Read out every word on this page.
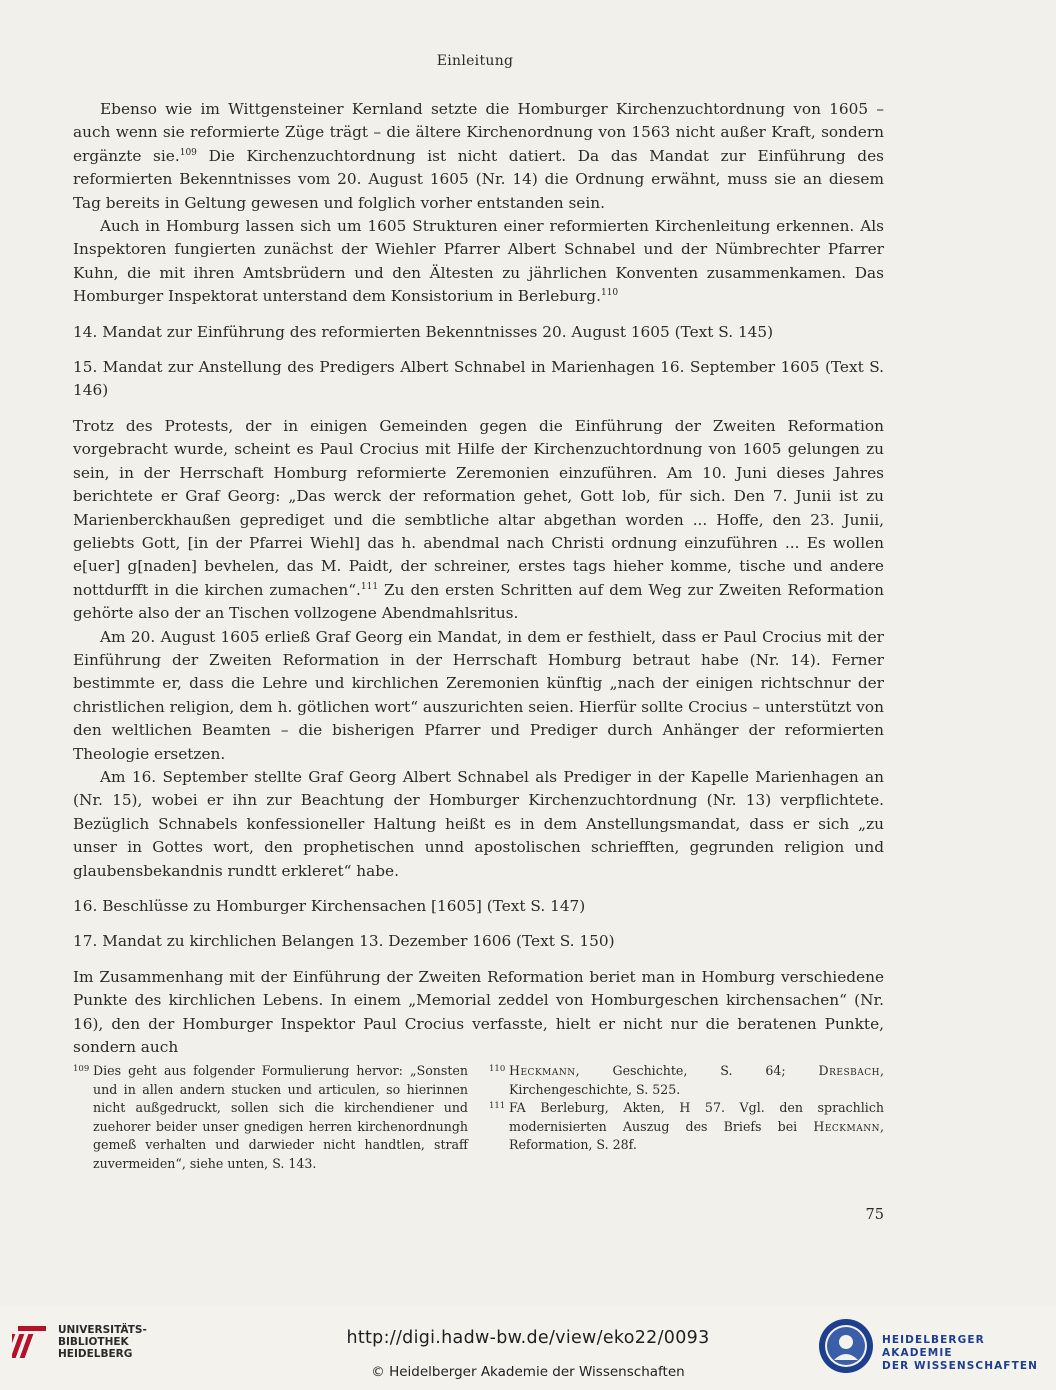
Einleitung

Ebenso wie im Wittgensteiner Kernland setzte die Homburger Kirchenzuchtordnung von 1605 – auch wenn sie reformierte Züge trägt – die ältere Kirchenordnung von 1563 nicht außer Kraft, sondern ergänzte sie.$^{109}$ Die Kirchenzuchtordnung ist nicht datiert. Da das Mandat zur Einführung des reformierten Bekenntnisses vom 20. August 1605 (Nr. 14) die Ordnung erwähnt, muss sie an diesem Tag bereits in Geltung gewesen und folglich vorher entstanden sein.

Auch in Homburg lassen sich um 1605 Strukturen einer reformierten Kirchenleitung erkennen. Als Inspektoren fungierten zunächst der Wiehler Pfarrer Albert Schnabel und der Nümbrechter Pfarrer Kuhn, die mit ihren Amtsbrüdern und den Ältesten zu jährlichen Konventen zusammenkamen. Das Homburger Inspektorat unterstand dem Konsistorium in Berleburg.$^{110}$

14. Mandat zur Einführung des reformierten Bekenntnisses 20. August 1605 (Text S. 145)

15. Mandat zur Anstellung des Predigers Albert Schnabel in Marienhagen 16. September 1605 (Text S. 146)

Trotz des Protests, der in einigen Gemeinden gegen die Einführung der Zweiten Reformation vorgebracht wurde, scheint es Paul Crocius mit Hilfe der Kirchenzuchtordnung von 1605 gelungen zu sein, in der Herrschaft Homburg reformierte Zeremonien einzuführen. Am 10. Juni dieses Jahres berichtete er Graf Georg: „Das werck der reformation gehet, Gott lob, für sich. Den 7. Junii ist zu Marienberckhaußen geprediget und die sembtliche altar abgethan worden ... Hoffe, den 23. Junii, geliebts Gott, [in der Pfarrei Wiehl] das h. abendmal nach Christi ordnung einzuführen ... Es wollen e[uer] g[naden] bevhelen, das M. Paidt, der schreiner, erstes tags hieher komme, tische und andere nottdurfft in die kirchen zumachen“.$^{111}$ Zu den ersten Schritten auf dem Weg zur Zweiten Reformation gehörte also der an Tischen vollzogene Abendmahlsritus.

Am 20. August 1605 erließ Graf Georg ein Mandat, in dem er festhielt, dass er Paul Crocius mit der Einführung der Zweiten Reformation in der Herrschaft Homburg betraut habe (Nr. 14). Ferner bestimmte er, dass die Lehre und kirchlichen Zeremonien künftig „nach der einigen richtschnur der christlichen religion, dem h. götlichen wort“ auszurichten seien. Hierfür sollte Crocius – unterstützt von den weltlichen Beamten – die bisherigen Pfarrer und Prediger durch Anhänger der reformierten Theologie ersetzen.

Am 16. September stellte Graf Georg Albert Schnabel als Prediger in der Kapelle Marienhagen an (Nr. 15), wobei er ihn zur Beachtung der Homburger Kirchenzuchtordnung (Nr. 13) verpflichtete. Bezüglich Schnabels konfessioneller Haltung heißt es in dem Anstellungsmandat, dass er sich „zu unser in Gottes wort, den prophetischen unnd apostolischen schriefften, gegrunden religion und glaubensbekandnis rundtt erkleret“ habe.

16. Beschlüsse zu Homburger Kirchensachen [1605] (Text S. 147)

17. Mandat zu kirchlichen Belangen 13. Dezember 1606 (Text S. 150)

Im Zusammenhang mit der Einführung der Zweiten Reformation beriet man in Homburg verschiedene Punkte des kirchlichen Lebens. In einem „Memorial zeddel von Homburgeschen kirchensachen“ (Nr. 16), den der Homburger Inspektor Paul Crocius verfasste, hielt er nicht nur die beratenen Punkte, sondern auch

109 Dies geht aus folgender Formulierung hervor: „Sonsten und in allen andern stucken und articulen, so hierinnen nicht außgedruckt, sollen sich die kirchendiener und zuehorer beider unser gnedigen herren kirchenordnungh gemeß verhalten und darwieder nicht handtlen, straff zuvermeiden“, siehe unten, S. 143.
110 Heckmann, Geschichte, S. 64; Dresbach, Kirchengeschichte, S. 525.
111 FA Berleburg, Akten, H 57. Vgl. den sprachlich modernisierten Auszug des Briefs bei Heckmann, Reformation, S. 28f.
75
UNIVERSITÄTS-
BIBLIOTHEK
HEIDELBERG
http://digi.hadw-bw.de/view/eko22/0093
© Heidelberger Akademie der Wissenschaften
HEIDELBERGER AKADEMIE
DER WISSENSCHAFTEN
